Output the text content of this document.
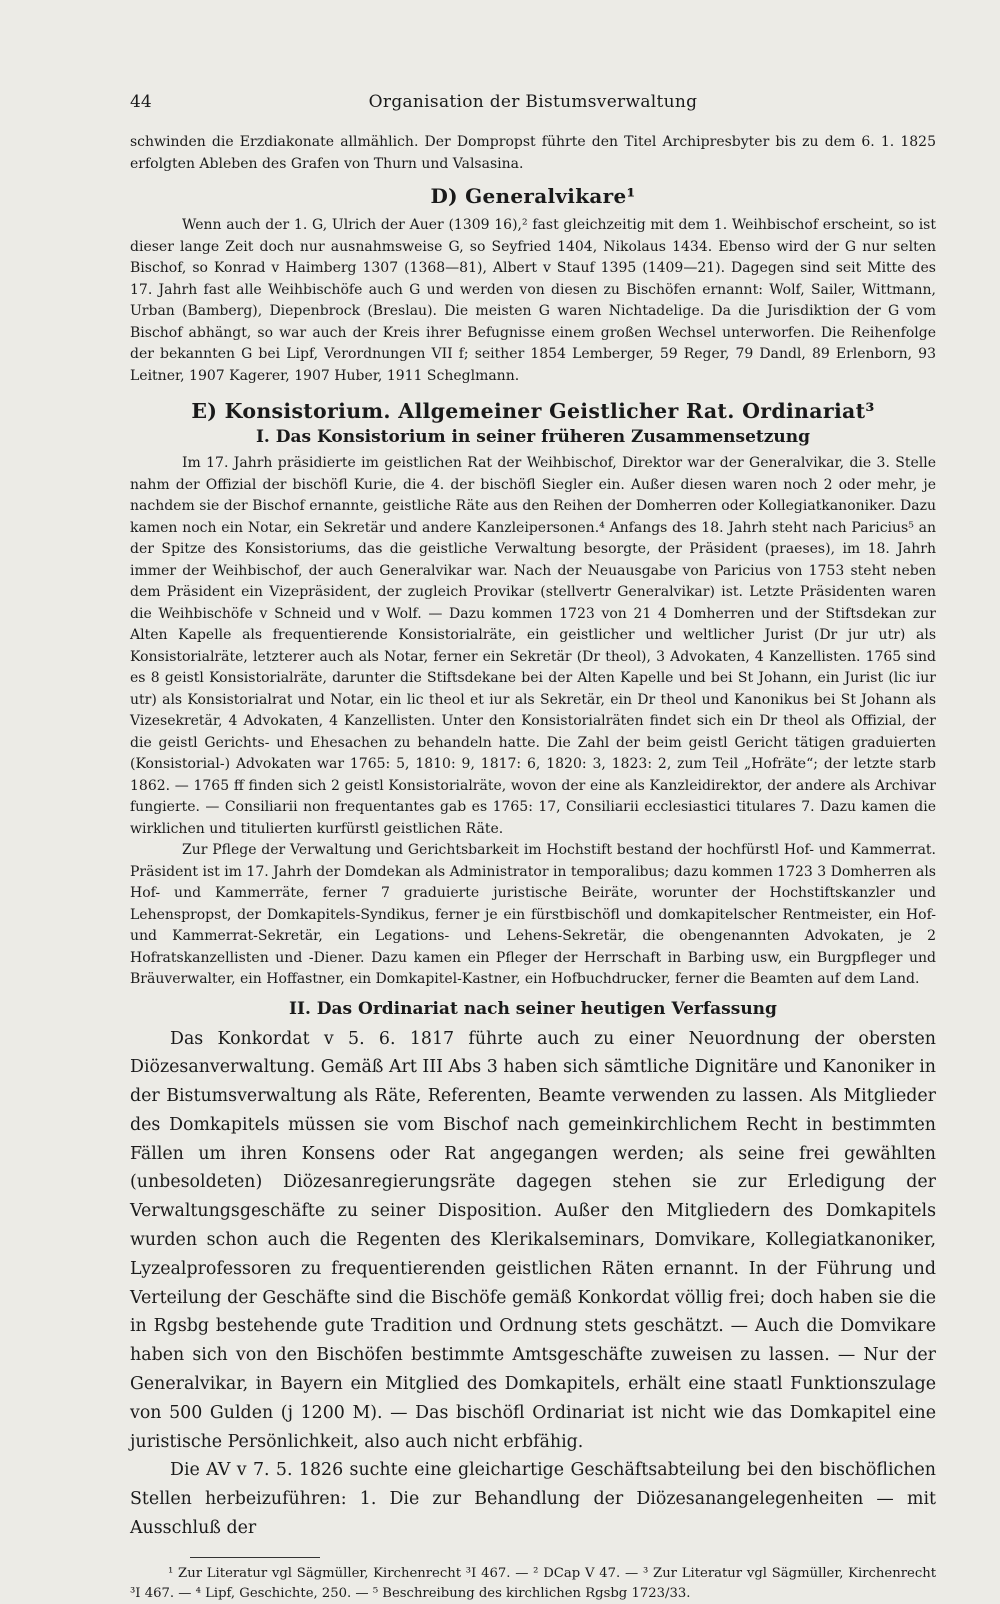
44	Organisation der Bistumsverwaltung

schwinden die Erzdiakonate allmählich. Der Dompropst führte den Titel Archipresbyter bis zu dem 6. 1. 1825 erfolgten Ableben des Grafen von Thurn und Valsasina.

D) Generalvikare¹

Wenn auch der 1. G, Ulrich der Auer (1309 16),² fast gleichzeitig mit dem 1. Weihbischof erscheint, so ist dieser lange Zeit doch nur ausnahmsweise G, so Seyfried 1404, Nikolaus 1434. Ebenso wird der G nur selten Bischof, so Konrad v Haimberg 1307 (1368—81), Albert v Stauf 1395 (1409—21). Dagegen sind seit Mitte des 17. Jahrh fast alle Weihbischöfe auch G und werden von diesen zu Bischöfen ernannt: Wolf, Sailer, Wittmann, Urban (Bamberg), Diepenbrock (Breslau). Die meisten G waren Nichtadelige. Da die Jurisdiktion der G vom Bischof abhängt, so war auch der Kreis ihrer Befugnisse einem großen Wechsel unterworfen. Die Reihenfolge der bekannten G bei Lipf, Verordnungen VII f; seither 1854 Lemberger, 59 Reger, 79 Dandl, 89 Erlenborn, 93 Leitner, 1907 Kagerer, 1907 Huber, 1911 Scheglmann.

E) Konsistorium. Allgemeiner Geistlicher Rat. Ordinariat³
I. Das Konsistorium in seiner früheren Zusammensetzung

Im 17. Jahrh präsidierte im geistlichen Rat der Weihbischof, Direktor war der Generalvikar, die 3. Stelle nahm der Offizial der bischöfl Kurie, die 4. der bischöfl Siegler ein. Außer diesen waren noch 2 oder mehr, je nachdem sie der Bischof ernannte, geistliche Räte aus den Reihen der Domherren oder Kollegiatkanoniker. Dazu kamen noch ein Notar, ein Sekretär und andere Kanzleipersonen.⁴ Anfangs des 18. Jahrh steht nach Paricius⁵ an der Spitze des Konsistoriums, das die geistliche Verwaltung besorgte, der Präsident (praeses), im 18. Jahrh immer der Weihbischof, der auch Generalvikar war. Nach der Neuausgabe von Paricius von 1753 steht neben dem Präsident ein Vizepräsident, der zugleich Provikar (stellvertr Generalvikar) ist. Letzte Präsidenten waren die Weihbischöfe v Schneid und v Wolf. — Dazu kommen 1723 von 21 4 Domherren und der Stiftsdekan zur Alten Kapelle als frequentierende Konsistorialräte, ein geistlicher und weltlicher Jurist (Dr jur utr) als Konsistorialräte, letzterer auch als Notar, ferner ein Sekretär (Dr theol), 3 Advokaten, 4 Kanzellisten. 1765 sind es 8 geistl Konsistorialräte, darunter die Stiftsdekane bei der Alten Kapelle und bei St Johann, ein Jurist (lic iur utr) als Konsistorialrat und Notar, ein lic theol et iur als Sekretär, ein Dr theol und Kanonikus bei St Johann als Vizesekretär, 4 Advokaten, 4 Kanzellisten. Unter den Konsistorialräten findet sich ein Dr theol als Offizial, der die geistl Gerichts- und Ehesachen zu behandeln hatte. Die Zahl der beim geistl Gericht tätigen graduierten (Konsistorial-) Advokaten war 1765: 5, 1810: 9, 1817: 6, 1820: 3, 1823: 2, zum Teil „Hofräte“; der letzte starb 1862. — 1765 ff finden sich 2 geistl Konsistorialräte, wovon der eine als Kanzleidirektor, der andere als Archivar fungierte. — Consiliarii non frequentantes gab es 1765: 17, Consiliarii ecclesiastici titulares 7. Dazu kamen die wirklichen und titulierten kurfürstl geistlichen Räte.

Zur Pflege der Verwaltung und Gerichtsbarkeit im Hochstift bestand der hochfürstl Hof- und Kammerrat. Präsident ist im 17. Jahrh der Domdekan als Administrator in temporalibus; dazu kommen 1723 3 Domherren als Hof- und Kammerräte, ferner 7 graduierte juristische Beiräte, worunter der Hochstiftskanzler und Lehenspropst, der Domkapitels-Syndikus, ferner je ein fürstbischöfl und domkapitelscher Rentmeister, ein Hof- und Kammerrat-Sekretär, ein Legations- und Lehens-Sekretär, die obengenannten Advokaten, je 2 Hofratskanzellisten und -Diener. Dazu kamen ein Pfleger der Herrschaft in Barbing usw, ein Burgpfleger und Bräuverwalter, ein Hoffastner, ein Domkapitel-Kastner, ein Hofbuchdrucker, ferner die Beamten auf dem Land.

II. Das Ordinariat nach seiner heutigen Verfassung

Das Konkordat v 5. 6. 1817 führte auch zu einer Neuordnung der obersten Diözesanverwaltung. Gemäß Art III Abs 3 haben sich sämtliche Dignitäre und Kanoniker in der Bistumsverwaltung als Räte, Referenten, Beamte verwenden zu lassen. Als Mitglieder des Domkapitels müssen sie vom Bischof nach gemeinkirchlichem Recht in bestimmten Fällen um ihren Konsens oder Rat angegangen werden; als seine frei gewählten (unbesoldeten) Diözesanregierungsräte dagegen stehen sie zur Erledigung der Verwaltungsgeschäfte zu seiner Disposition. Außer den Mitgliedern des Domkapitels wurden schon auch die Regenten des Klerikalseminars, Domvikare, Kollegiatkanoniker, Lyzealprofessoren zu frequentierenden geistlichen Räten ernannt. In der Führung und Verteilung der Geschäfte sind die Bischöfe gemäß Konkordat völlig frei; doch haben sie die in Rgsbg bestehende gute Tradition und Ordnung stets geschätzt. — Auch die Domvikare haben sich von den Bischöfen bestimmte Amtsgeschäfte zuweisen zu lassen. — Nur der Generalvikar, in Bayern ein Mitglied des Domkapitels, erhält eine staatl Funktionszulage von 500 Gulden (j 1200 M). — Das bischöfl Ordinariat ist nicht wie das Domkapitel eine juristische Persönlichkeit, also auch nicht erbfähig.

Die AV v 7. 5. 1826 suchte eine gleichartige Geschäftsabteilung bei den bischöflichen Stellen herbeizuführen: 1. Die zur Behandlung der Diözesanangelegenheiten — mit Ausschluß der

¹ Zur Literatur vgl Sägmüller, Kirchenrecht ³I 467. — ² DCap V 47. — ³ Zur Literatur vgl Sägmüller, Kirchenrecht ³I 467. — ⁴ Lipf, Geschichte, 250. — ⁵ Beschreibung des kirchlichen Rgsbg 1723/33.
